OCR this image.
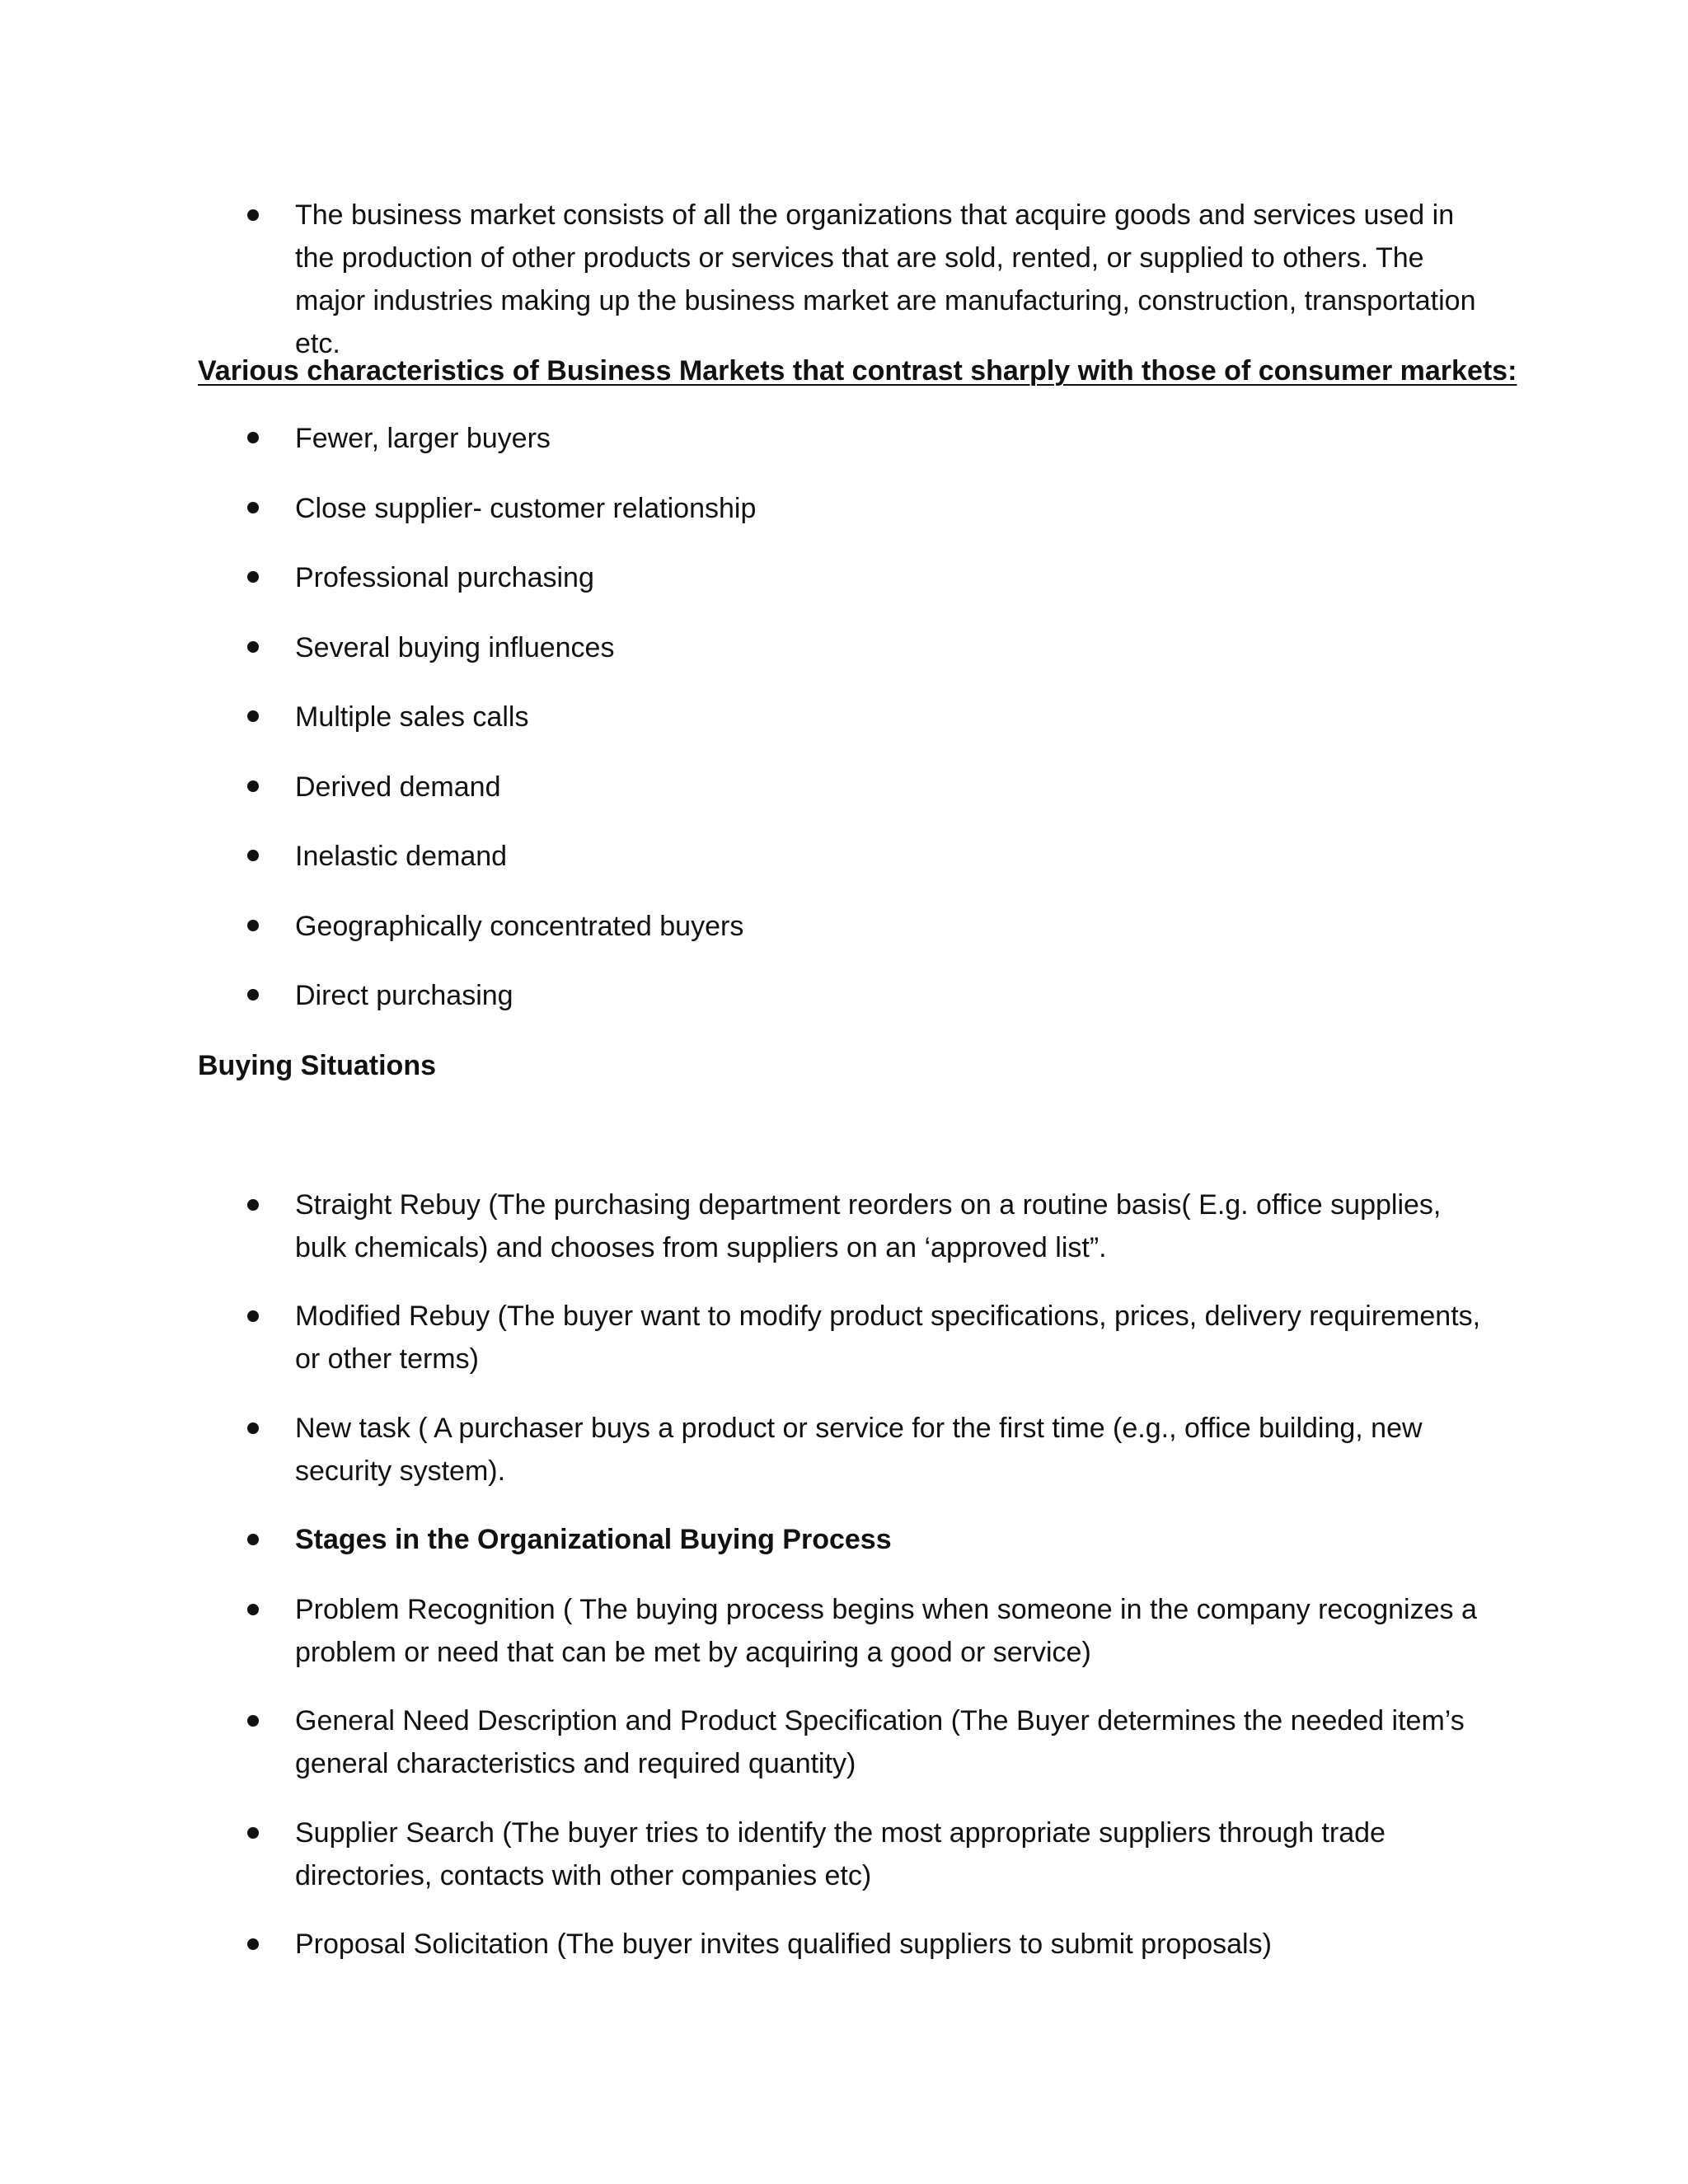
The business market consists of all the organizations that acquire goods and services used in the production of other products or services that are sold, rented, or supplied to others. The major industries making up the business market are manufacturing, construction, transportation etc.
Various characteristics of Business Markets that contrast sharply with those of consumer markets:
Fewer, larger buyers
Close supplier- customer relationship
Professional purchasing
Several buying influences
Multiple sales calls
Derived demand
Inelastic demand
Geographically concentrated buyers
Direct purchasing
Buying Situations
Straight Rebuy (The purchasing department reorders on a routine basis( E.g. office supplies, bulk chemicals) and chooses from suppliers on an ‘approved list”.
Modified Rebuy (The buyer want to modify product specifications, prices, delivery requirements, or other terms)
New task ( A purchaser buys a product or service for the first time (e.g., office building, new security system).
Stages in the Organizational Buying Process
Problem Recognition ( The buying process begins when someone in the company recognizes a problem or need that can be met by acquiring a good or service)
General Need Description and Product Specification (The Buyer determines the needed item’s general characteristics and required quantity)
Supplier Search (The buyer tries to identify the most appropriate suppliers through trade directories, contacts with other companies etc)
Proposal Solicitation (The buyer invites qualified suppliers to submit proposals)
